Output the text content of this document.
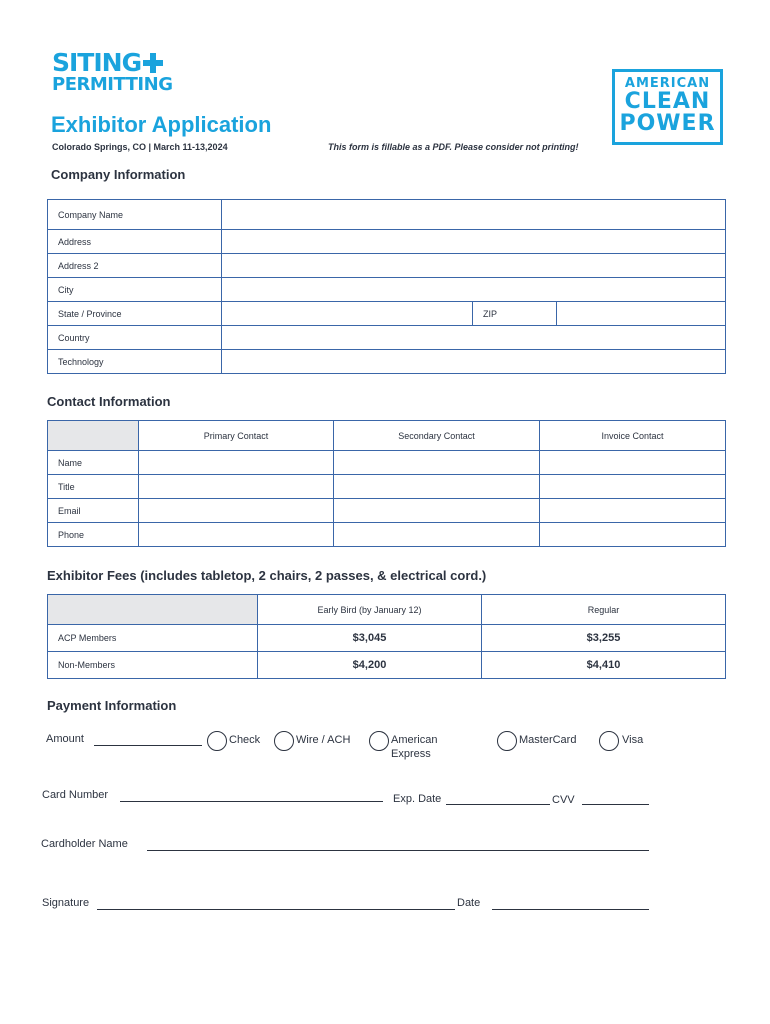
SITING
PERMITTING	AMERICAN
CLEAN
POWER
Exhibitor Application
Colorado Springs, CO | March 11-13,2024	This form is fillable as a PDF. Please consider not printing!
Company Information
Company Name			
Address			
Address 2			
City			
State / Province		ZIP	
Country			
Technology			
Contact Information
	Primary Contact	Secondary Contact	Invoice Contact
Name			
Title			
Email			
Phone			
Exhibitor Fees (includes tabletop, 2 chairs, 2 passes, & electrical cord.)
	Early Bird (by January 12)	Regular
ACP Members	$3,045	$3,255
Non-Members	$4,200	$4,410
Payment Information
Amount	Check	Wire / ACH	American
Express
MasterCard	Visa
Card Number	Exp. Date	CVV
Cardholder Name
Signature	Date
